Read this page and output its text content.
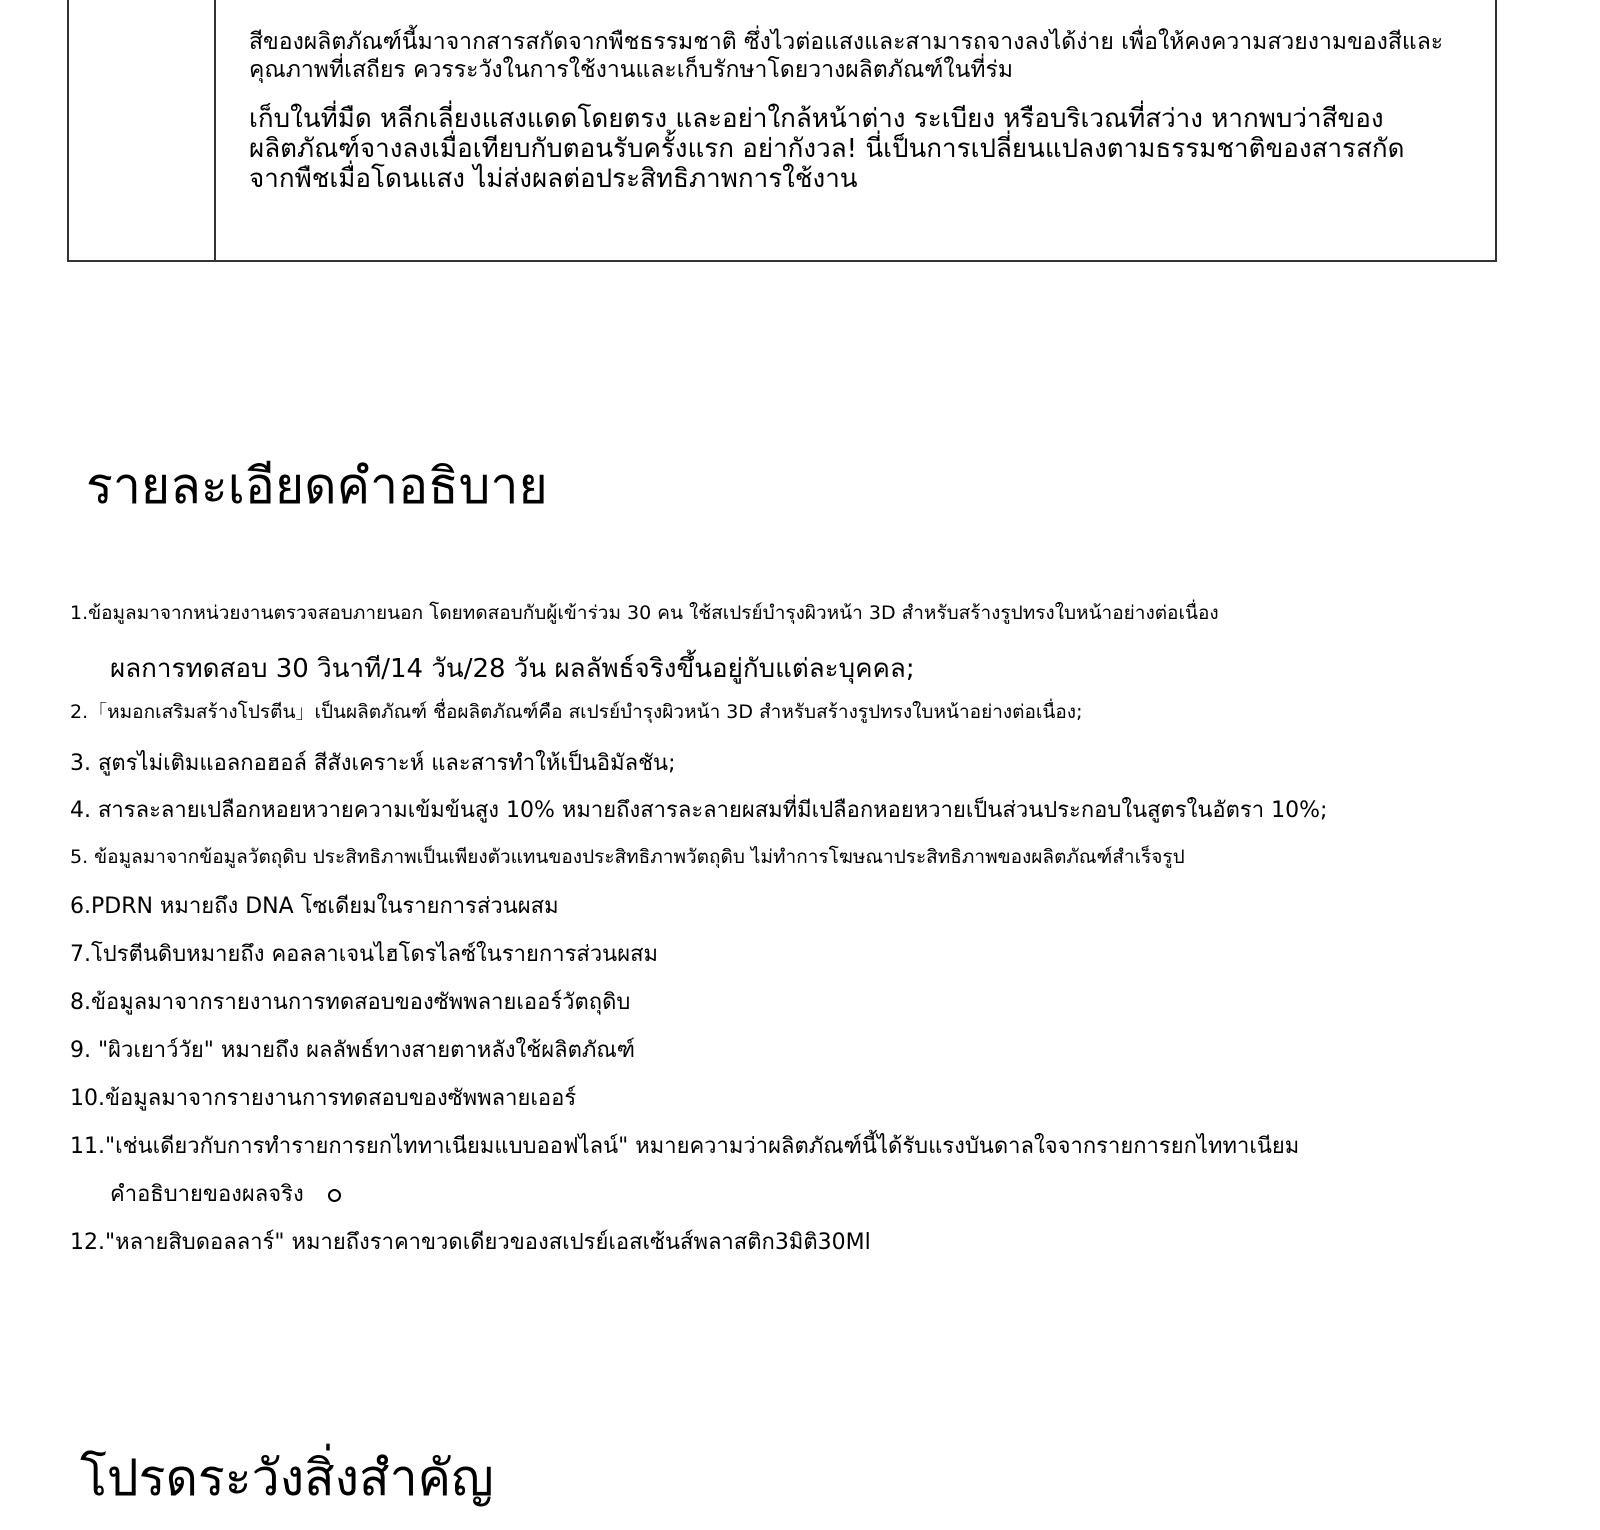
สีของผลิตภัณฑ์นี้มาจากสารสกัดจากพืชธรรมชาติ ซึ่งไวต่อแสงและสามารถจางลงได้ง่าย เพื่อให้คงความสวยงามของสีและคุณภาพที่เสถียร ควรระวังในการใช้งานและเก็บรักษาโดยวางผลิตภัณฑ์ในที่ร่ม

เก็บในที่มืด หลีกเลี่ยงแสงแดดโดยตรง และอย่าใกล้หน้าต่าง ระเบียง หรือบริเวณที่สว่าง หากพบว่าสีของผลิตภัณฑ์จางลงเมื่อเทียบกับตอนรับครั้งแรก อย่ากังวล! นี่เป็นการเปลี่ยนแปลงตามธรรมชาติของสารสกัดจากพืชเมื่อโดนแสง ไม่ส่งผลต่อประสิทธิภาพการใช้งาน

รายละเอียดคำอธิบาย

1.ข้อมูลมาจากหน่วยงานตรวจสอบภายนอก โดยทดสอบกับผู้เข้าร่วม 30 คน ใช้สเปรย์บำรุงผิวหน้า 3D สำหรับสร้างรูปทรงใบหน้าอย่างต่อเนื่อง

ผลการทดสอบ 30 วินาที/14 วัน/28 วัน ผลลัพธ์จริงขึ้นอยู่กับแต่ละบุคคล;

2.「หมอกเสริมสร้างโปรตีน」เป็นผลิตภัณฑ์ ชื่อผลิตภัณฑ์คือ สเปรย์บำรุงผิวหน้า 3D สำหรับสร้างรูปทรงใบหน้าอย่างต่อเนื่อง;

3. สูตรไม่เติมแอลกอฮอล์ สีสังเคราะห์ และสารทำให้เป็นอิมัลชัน;

4. สารละลายเปลือกหอยหวายความเข้มข้นสูง 10% หมายถึงสารละลายผสมที่มีเปลือกหอยหวายเป็นส่วนประกอบในสูตรในอัตรา 10%;

5. ข้อมูลมาจากข้อมูลวัตถุดิบ ประสิทธิภาพเป็นเพียงตัวแทนของประสิทธิภาพวัตถุดิบ ไม่ทำการโฆษณาประสิทธิภาพของผลิตภัณฑ์สำเร็จรูป

6.PDRN หมายถึง DNA โซเดียมในรายการส่วนผสม

7.โปรตีนดิบหมายถึง คอลลาเจนไฮโดรไลซ์ในรายการส่วนผสม

8.ข้อมูลมาจากรายงานการทดสอบของซัพพลายเออร์วัตถุดิบ

9. "ผิวเยาว์วัย" หมายถึง ผลลัพธ์ทางสายตาหลังใช้ผลิตภัณฑ์

10.ข้อมูลมาจากรายงานการทดสอบของซัพพลายเออร์

11."เช่นเดียวกับการทำรายการยกไททาเนียมแบบออฟไลน์" หมายความว่าผลิตภัณฑ์นี้ได้รับแรงบันดาลใจจากรายการยกไททาเนียม

คำอธิบายของผลจริง

12."หลายสิบดอลลาร์" หมายถึงราคาขวดเดียวของสเปรย์เอสเซ้นส์พลาสติก3มิติ30Ml

โปรดระวังสิ่งสำคัญ
